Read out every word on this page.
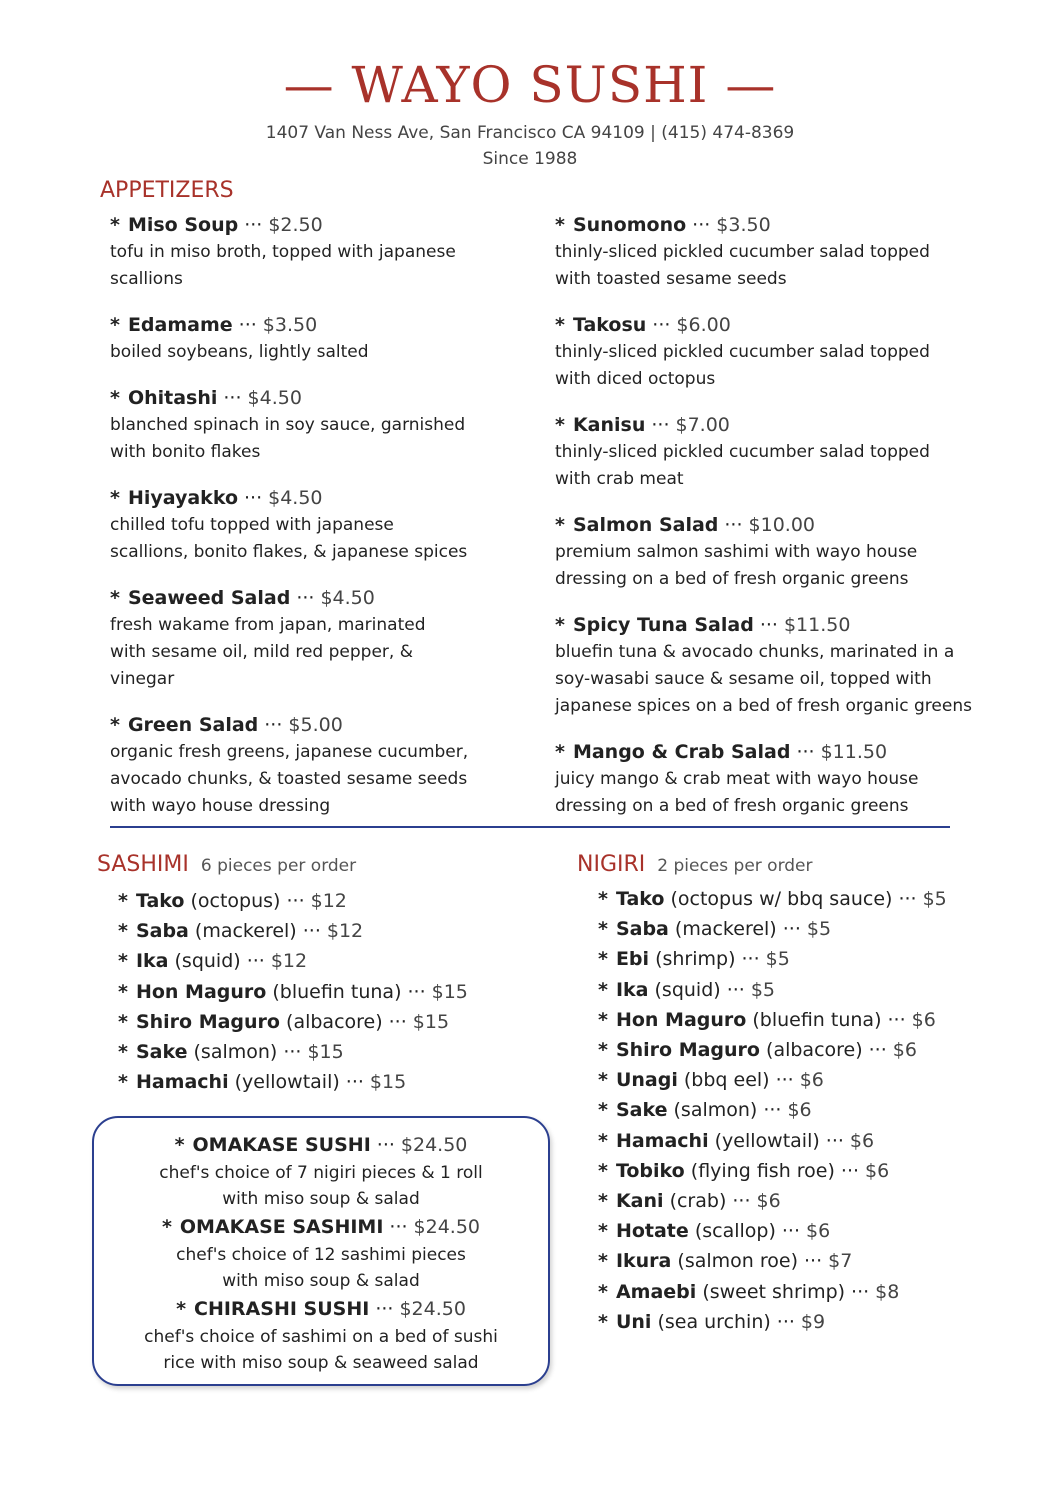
— WAYO SUSHI —
1407 Van Ness Ave, San Francisco CA 94109 | (415) 474-8369
Since 1988
APPETIZERS
* Miso Soup ··· $2.50
tofu in miso broth, topped with japanese
scallions
* Edamame ··· $3.50
boiled soybeans, lightly salted
* Ohitashi ··· $4.50
blanched spinach in soy sauce, garnished
with bonito flakes
* Hiyayakko ··· $4.50
chilled tofu topped with japanese
scallions, bonito flakes, & japanese spices
* Seaweed Salad ··· $4.50
fresh wakame from japan, marinated
with sesame oil, mild red pepper, &
vinegar
* Green Salad ··· $5.00
organic fresh greens, japanese cucumber,
avocado chunks, & toasted sesame seeds
with wayo house dressing
* Sunomono ··· $3.50
thinly-sliced pickled cucumber salad topped
with toasted sesame seeds
* Takosu ··· $6.00
thinly-sliced pickled cucumber salad topped
with diced octopus
* Kanisu ··· $7.00
thinly-sliced pickled cucumber salad topped
with crab meat
* Salmon Salad ··· $10.00
premium salmon sashimi with wayo house
dressing on a bed of fresh organic greens
* Spicy Tuna Salad ··· $11.50
bluefin tuna & avocado chunks, marinated in a
soy-wasabi sauce & sesame oil, topped with
japanese spices on a bed of fresh organic greens
* Mango & Crab Salad ··· $11.50
juicy mango & crab meat with wayo house
dressing on a bed of fresh organic greens
SASHIMI 6 pieces per order
* Tako (octopus) ··· $12
* Saba (mackerel) ··· $12
* Ika (squid) ··· $12
* Hon Maguro (bluefin tuna) ··· $15
* Shiro Maguro (albacore) ··· $15
* Sake (salmon) ··· $15
* Hamachi (yellowtail) ··· $15
NIGIRI 2 pieces per order
* Tako (octopus w/ bbq sauce) ··· $5
* Saba (mackerel) ··· $5
* Ebi (shrimp) ··· $5
* Ika (squid) ··· $5
* Hon Maguro (bluefin tuna) ··· $6
* Shiro Maguro (albacore) ··· $6
* Unagi (bbq eel) ··· $6
* Sake (salmon) ··· $6
* Hamachi (yellowtail) ··· $6
* Tobiko (flying fish roe) ··· $6
* Kani (crab) ··· $6
* Hotate (scallop) ··· $6
* Ikura (salmon roe) ··· $7
* Amaebi (sweet shrimp) ··· $8
* Uni (sea urchin) ··· $9
* OMAKASE SUSHI ··· $24.50
chef's choice of 7 nigiri pieces & 1 roll
with miso soup & salad
* OMAKASE SASHIMI ··· $24.50
chef's choice of 12 sashimi pieces
with miso soup & salad
* CHIRASHI SUSHI ··· $24.50
chef's choice of sashimi on a bed of sushi
rice with miso soup & seaweed salad
